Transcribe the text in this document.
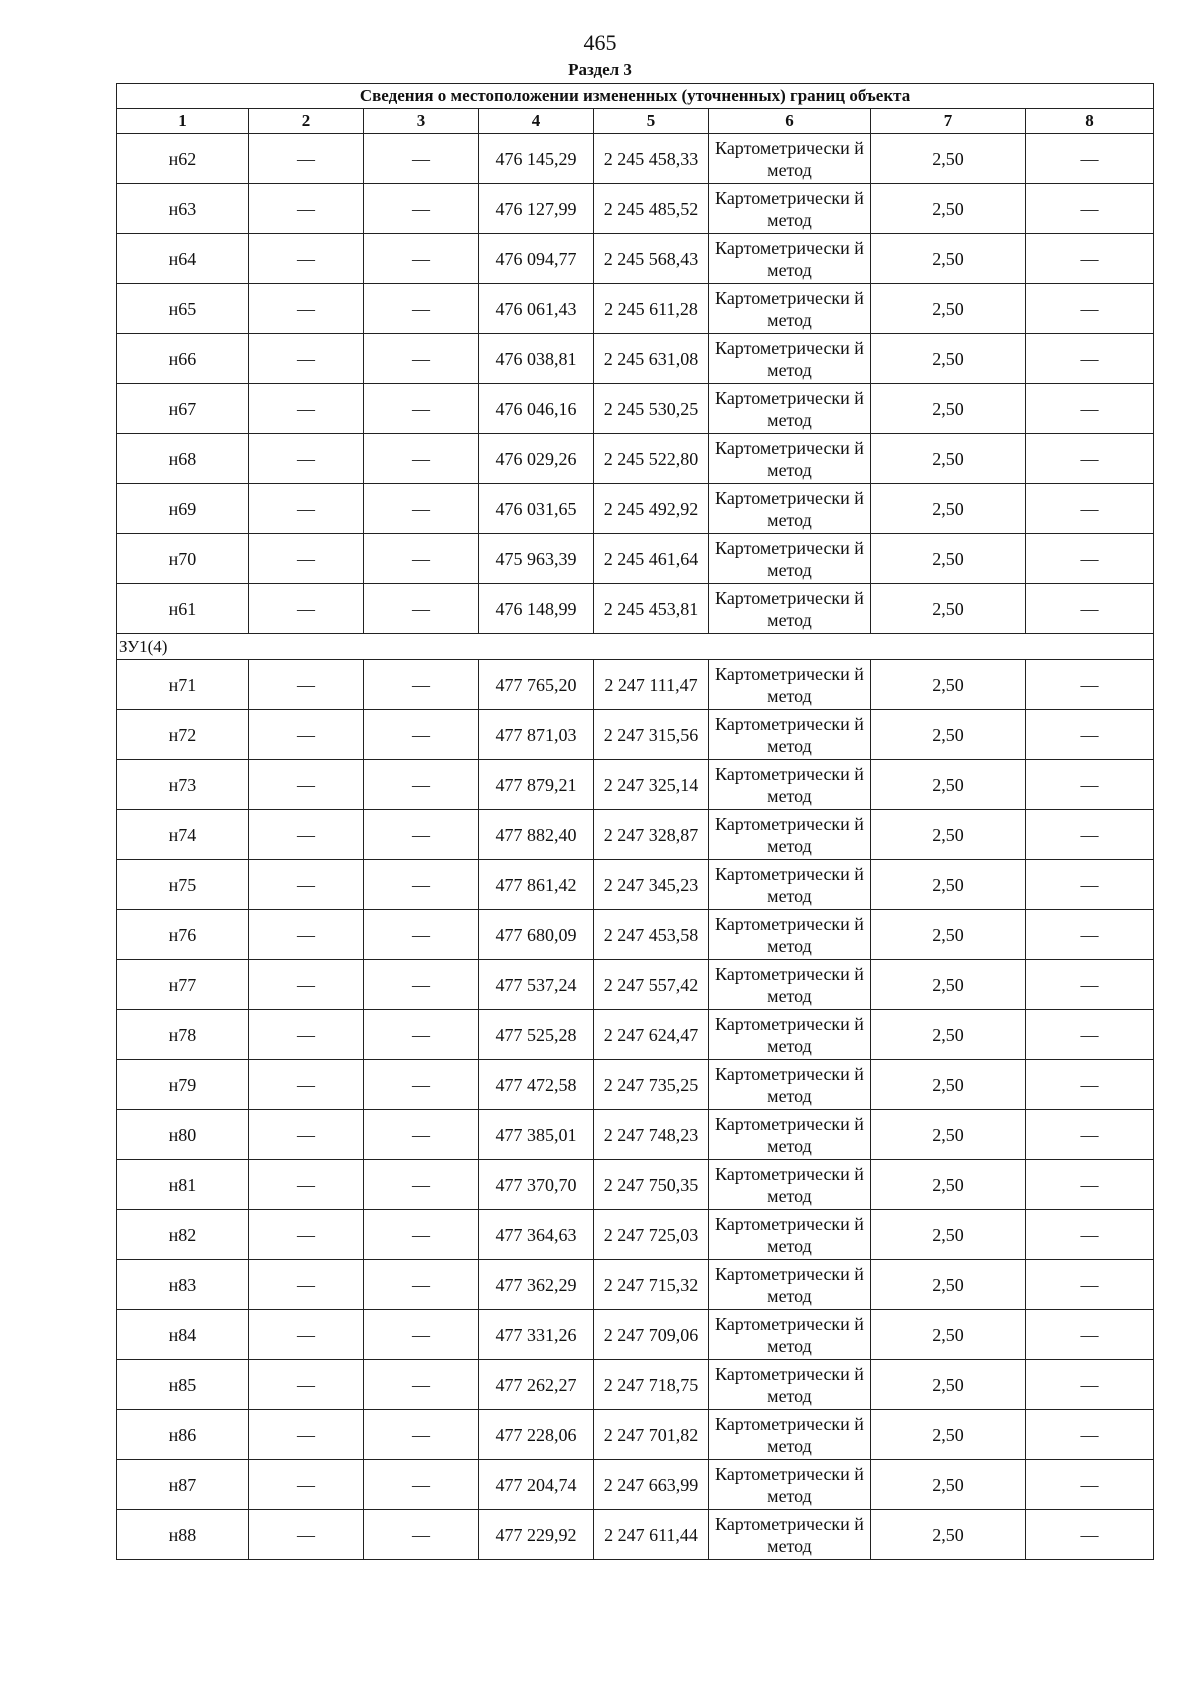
465
Раздел 3
Сведения о местоположении измененных (уточненных) границ объекта							
1	2	3	4	5	6	7	8
н62	—	—	476 145,29	2 245 458,33	Картометрически й метод	2,50	—
н63	—	—	476 127,99	2 245 485,52	Картометрически й метод	2,50	—
н64	—	—	476 094,77	2 245 568,43	Картометрически й метод	2,50	—
н65	—	—	476 061,43	2 245 611,28	Картометрически й метод	2,50	—
н66	—	—	476 038,81	2 245 631,08	Картометрически й метод	2,50	—
н67	—	—	476 046,16	2 245 530,25	Картометрически й метод	2,50	—
н68	—	—	476 029,26	2 245 522,80	Картометрически й метод	2,50	—
н69	—	—	476 031,65	2 245 492,92	Картометрически й метод	2,50	—
н70	—	—	475 963,39	2 245 461,64	Картометрически й метод	2,50	—
н61	—	—	476 148,99	2 245 453,81	Картометрически й метод	2,50	—
ЗУ1(4)							
н71	—	—	477 765,20	2 247 111,47	Картометрически й метод	2,50	—
н72	—	—	477 871,03	2 247 315,56	Картометрически й метод	2,50	—
н73	—	—	477 879,21	2 247 325,14	Картометрически й метод	2,50	—
н74	—	—	477 882,40	2 247 328,87	Картометрически й метод	2,50	—
н75	—	—	477 861,42	2 247 345,23	Картометрически й метод	2,50	—
н76	—	—	477 680,09	2 247 453,58	Картометрически й метод	2,50	—
н77	—	—	477 537,24	2 247 557,42	Картометрически й метод	2,50	—
н78	—	—	477 525,28	2 247 624,47	Картометрически й метод	2,50	—
н79	—	—	477 472,58	2 247 735,25	Картометрически й метод	2,50	—
н80	—	—	477 385,01	2 247 748,23	Картометрически й метод	2,50	—
н81	—	—	477 370,70	2 247 750,35	Картометрически й метод	2,50	—
н82	—	—	477 364,63	2 247 725,03	Картометрически й метод	2,50	—
н83	—	—	477 362,29	2 247 715,32	Картометрически й метод	2,50	—
н84	—	—	477 331,26	2 247 709,06	Картометрически й метод	2,50	—
н85	—	—	477 262,27	2 247 718,75	Картометрически й метод	2,50	—
н86	—	—	477 228,06	2 247 701,82	Картометрически й метод	2,50	—
н87	—	—	477 204,74	2 247 663,99	Картометрически й метод	2,50	—
н88	—	—	477 229,92	2 247 611,44	Картометрически й метод	2,50	—
